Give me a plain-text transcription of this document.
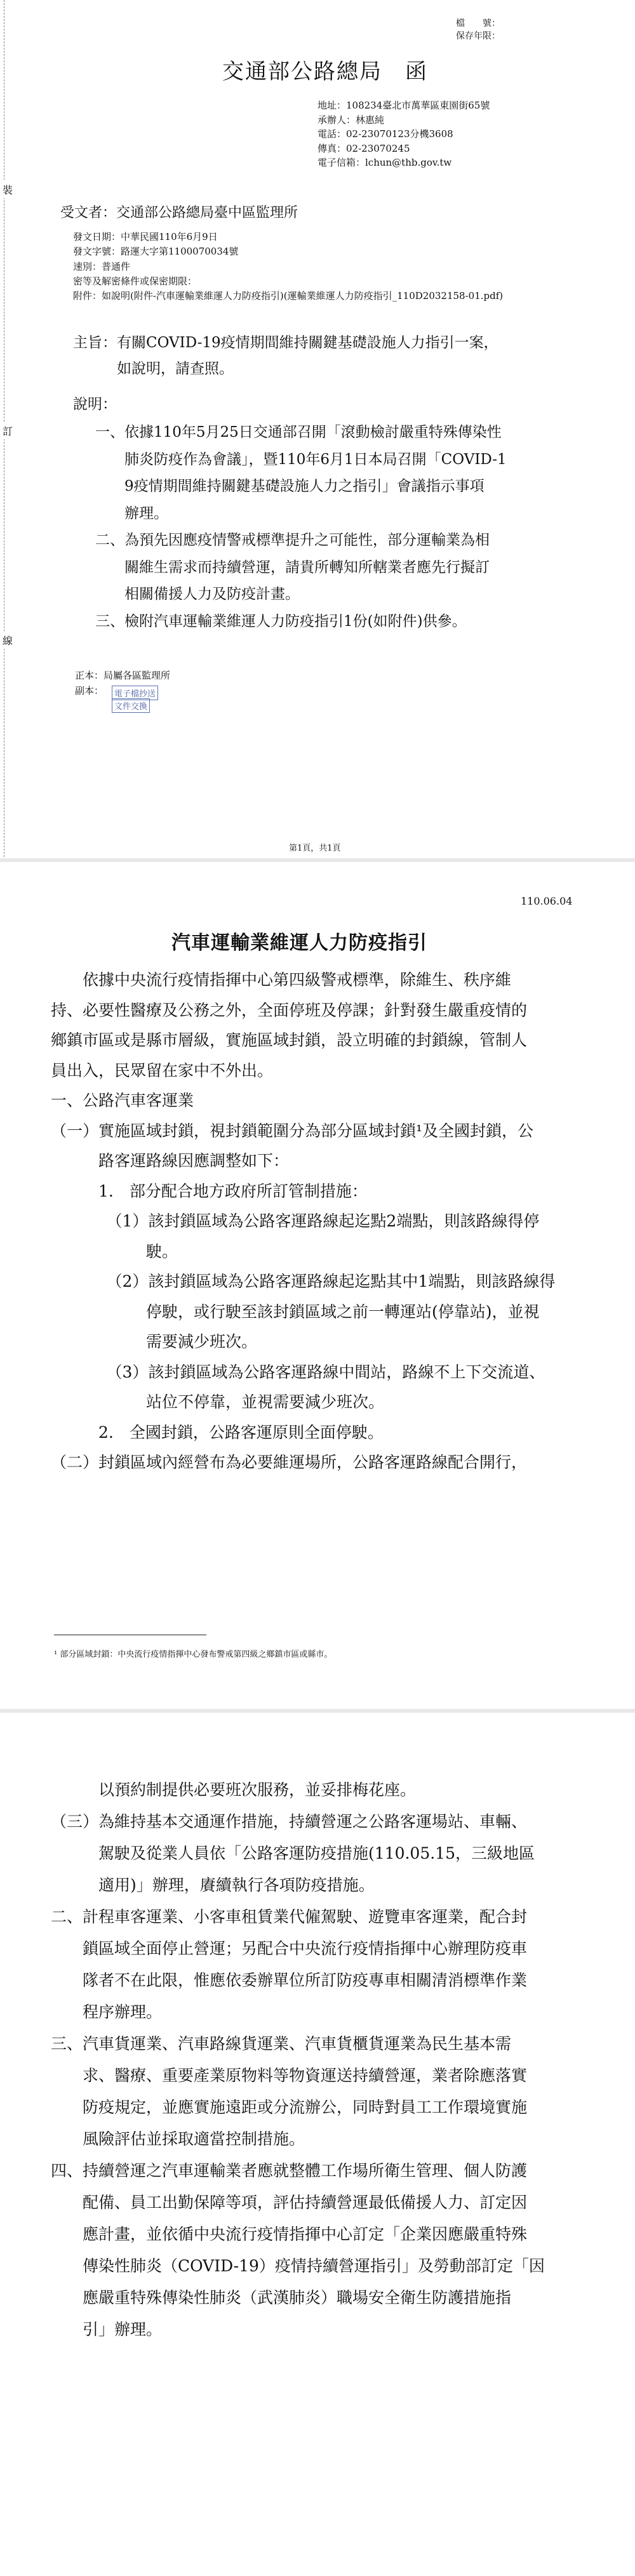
裝
訂
線

檔　　號：

保存年限：

交通部公路總局　函

地址：108234臺北市萬華區東園街65號

承辦人：林惠純

電話：02-23070123分機3608

傳真：02-23070245

電子信箱：lchun@thb.gov.tw

受文者：交通部公路總局臺中區監理所

發文日期：中華民國110年6月9日

發文字號：路運大字第1100070034號

速別：普通件

密等及解密條件或保密期限：

附件：如說明(附件-汽車運輸業維運人力防疫指引)(運輸業維運人力防疫指引_110D2032158-01.pdf)

主旨：有關COVID-19疫情期間維持關鍵基礎設施人力指引一案，

　　　如說明，請查照。

說明：

一、依據110年5月25日交通部召開「滾動檢討嚴重特殊傳染性

　　肺炎防疫作為會議」，暨110年6月1日本局召開「COVID-1

　　9疫情期間維持關鍵基礎設施人力之指引」會議指示事項

　　辦理。

二、為預先因應疫情警戒標準提升之可能性，部分運輸業為相

　　關維生需求而持續營運，請貴所轉知所轄業者應先行擬訂

　　相關備援人力及防疫計畫。

三、檢附汽車運輸業維運人力防疫指引1份(如附件)供參。

正本：局屬各區監理所

副本：	電子檔抄送
文件交換
第1頁，共1頁
110.06.04
汽車運輸業維運人力防疫指引

　　依據中央流行疫情指揮中心第四級警戒標準，除維生、秩序維

持、必要性醫療及公務之外，全面停班及停課；針對發生嚴重疫情的

鄉鎮市區或是縣市層級，實施區域封鎖，設立明確的封鎖線，管制人

員出入，民眾留在家中不外出。

一、公路汽車客運業

（一）實施區域封鎖，視封鎖範圍分為部分區域封鎖¹及全國封鎖，公

　　　路客運路線因應調整如下：

　　　1.　部分配合地方政府所訂管制措施：

　　　　（1）該封鎖區域為公路客運路線起迄點2端點，則該路線得停

　　　　　　駛。

　　　　（2）該封鎖區域為公路客運路線起迄點其中1端點，則該路線得

　　　　　　停駛，或行駛至該封鎖區域之前一轉運站(停靠站)，並視

　　　　　　需要減少班次。

　　　　（3）該封鎖區域為公路客運路線中間站，路線不上下交流道、

　　　　　　站位不停靠，並視需要減少班次。

　　　2.　全國封鎖，公路客運原則全面停駛。

（二）封鎖區域內經營布為必要維運場所，公路客運路線配合開行，

¹ 部分區域封鎖：中央流行疫情指揮中心發布警戒第四級之鄉鎮市區或縣市。

　　　以預約制提供必要班次服務，並妥排梅花座。

（三）為維持基本交通運作措施，持續營運之公路客運場站、車輛、

　　　駕駛及從業人員依「公路客運防疫措施(110.05.15，三級地區

　　　適用)」辦理，賡續執行各項防疫措施。

二、計程車客運業、小客車租賃業代僱駕駛、遊覽車客運業，配合封

　　鎖區域全面停止營運；另配合中央流行疫情指揮中心辦理防疫車

　　隊者不在此限，惟應依委辦單位所訂防疫專車相關清消標準作業

　　程序辦理。

三、汽車貨運業、汽車路線貨運業、汽車貨櫃貨運業為民生基本需

　　求、醫療、重要產業原物料等物資運送持續營運，業者除應落實

　　防疫規定，並應實施遠距或分流辦公，同時對員工工作環境實施

　　風險評估並採取適當控制措施。

四、持續營運之汽車運輸業者應就整體工作場所衛生管理、個人防護

　　配備、員工出勤保障等項，評估持續營運最低備援人力、訂定因

　　應計畫，並依循中央流行疫情指揮中心訂定「企業因應嚴重特殊

　　傳染性肺炎（COVID-19）疫情持續營運指引」及勞動部訂定「因

　　應嚴重特殊傳染性肺炎（武漢肺炎）職場安全衛生防護措施指

　　引」辦理。
